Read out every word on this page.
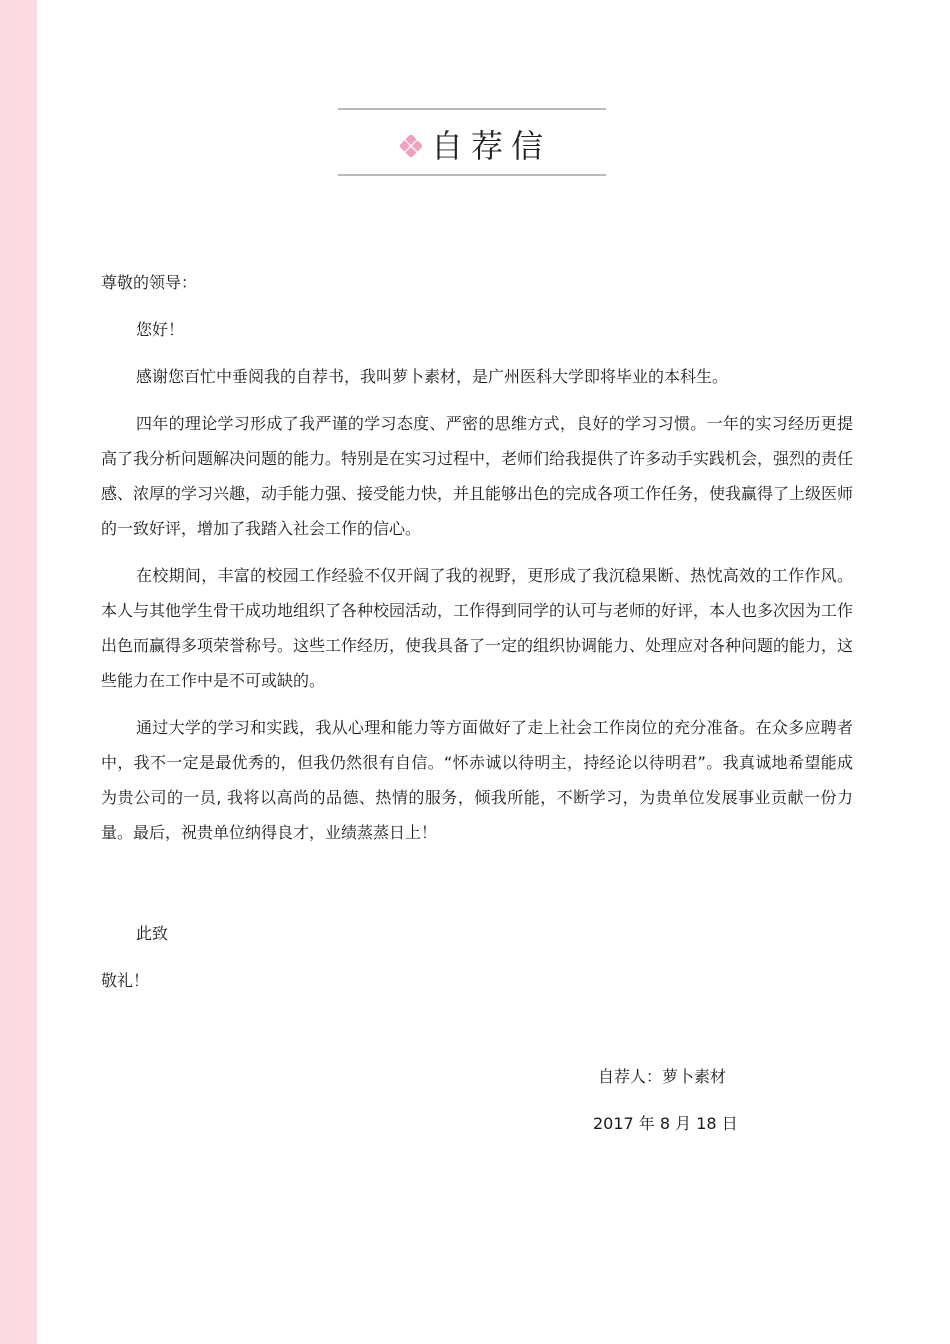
自荐信

尊敬的领导：

您好！

感谢您百忙中垂阅我的自荐书，我叫萝卜素材，是广州医科大学即将毕业的本科生。

四年的理论学习形成了我严谨的学习态度、严密的思维方式，良好的学习习惯。一年的实习经历更提高了我分析问题解决问题的能力。特别是在实习过程中，老师们给我提供了许多动手实践机会，强烈的责任感、浓厚的学习兴趣，动手能力强、接受能力快，并且能够出色的完成各项工作任务，使我赢得了上级医师的一致好评，增加了我踏入社会工作的信心。

在校期间，丰富的校园工作经验不仅开阔了我的视野，更形成了我沉稳果断、热忱高效的工作作风。本人与其他学生骨干成功地组织了各种校园活动，工作得到同学的认可与老师的好评，本人也多次因为工作出色而赢得多项荣誉称号。这些工作经历，使我具备了一定的组织协调能力、处理应对各种问题的能力，这些能力在工作中是不可或缺的。

通过大学的学习和实践，我从心理和能力等方面做好了走上社会工作岗位的充分准备。在众多应聘者中，我不一定是最优秀的，但我仍然很有自信。“怀赤诚以待明主，持经论以待明君”。我真诚地希望能成为贵公司的一员, 我将以高尚的品德、热情的服务，倾我所能，不断学习，为贵单位发展事业贡献一份力量。最后，祝贵单位纳得良才，业绩蒸蒸日上！

此致
敬礼！
自荐人：萝卜素材
2017 年 8 月 18 日
